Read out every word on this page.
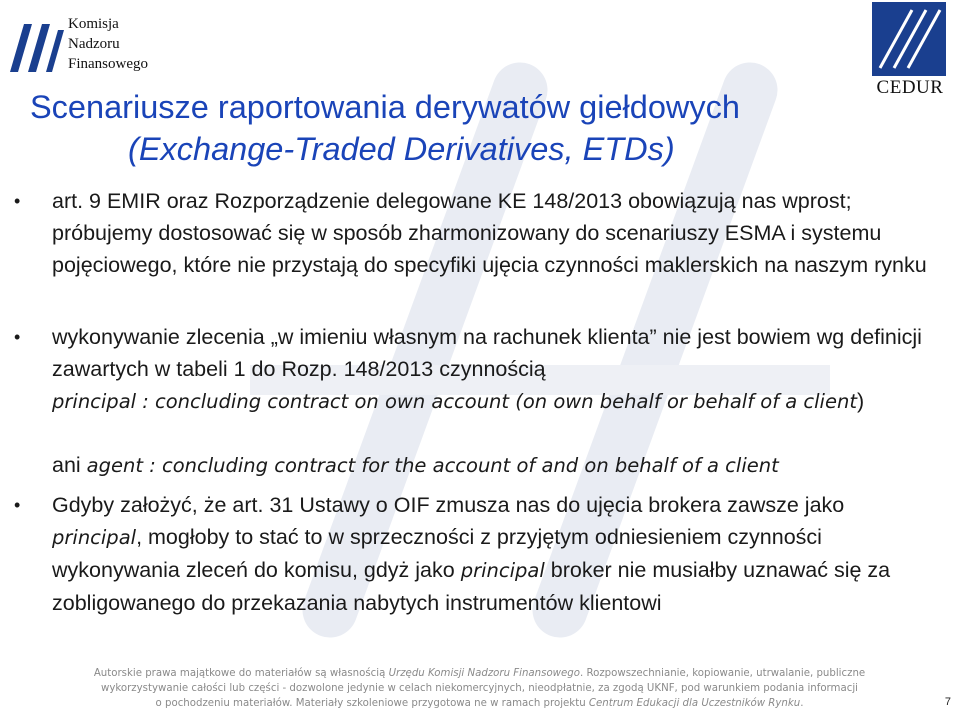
Komisja
Nadzoru
Finansowego
CEDUR
Scenariusze raportowania derywatów giełdowych
(Exchange-Traded Derivatives, ETDs)
• art. 9 EMIR oraz Rozporządzenie delegowane KE 148/2013 obowiązują nas wprost; próbujemy dostosować się w sposób zharmonizowany do scenariuszy ESMA i systemu pojęciowego, które nie przystają do specyfiki ujęcia czynności maklerskich na naszym rynku
• wykonywanie zlecenia „w imieniu własnym na rachunek klienta” nie jest bowiem wg definicji zawartych w tabeli 1 do Rozp. 148/2013 czynnością
principal : concluding contract on own account (on own behalf or behalf of a client)
ani agent : concluding contract for the account of and on behalf of a client
• Gdyby założyć, że art. 31 Ustawy o OIF zmusza nas do ujęcia brokera zawsze jako principal, mogłoby to stać to w sprzeczności z przyjętym odniesieniem czynności wykonywania zleceń do komisu, gdyż jako principal broker nie musiałby uznawać się za zobligowanego do przekazania nabytych instrumentów klientowi
Autorskie prawa majątkowe do materiałów są własnością Urzędu Komisji Nadzoru Finansowego. Rozpowszechnianie, kopiowanie, utrwalanie, publiczne
wykorzystywanie całości lub części - dozwolone jedynie w celach niekomercyjnych, nieodpłatnie, za zgodą UKNF, pod warunkiem podania informacji
o pochodzeniu materiałów. Materiały szkoleniowe przygotowa ne w ramach projektu Centrum Edukacji dla Uczestników Rynku.	7
